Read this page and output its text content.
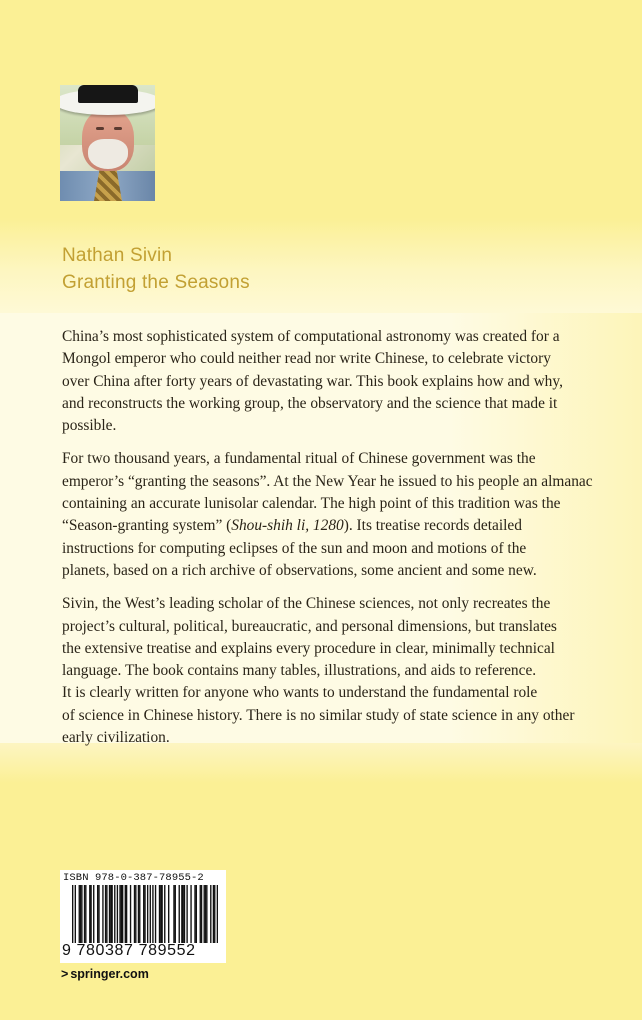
Nathan Sivin
Granting the Seasons

China’s most sophisticated system of computational astronomy was created for a
Mongol emperor who could neither read nor write Chinese, to celebrate victory
over China after forty years of devastating war. This book explains how and why,
and reconstructs the working group, the observatory and the science that made it
possible.

For two thousand years, a fundamental ritual of Chinese government was the
emperor’s “granting the seasons”. At the New Year he issued to his people an almanac
containing an accurate lunisolar calendar. The high point of this tradition was the
“Season-granting system” (Shou-shih li, 1280). Its treatise records detailed
instructions for computing eclipses of the sun and moon and motions of the
planets, based on a rich archive of observations, some ancient and some new.

Sivin, the West’s leading scholar of the Chinese sciences, not only recreates the
project’s cultural, political, bureaucratic, and personal dimensions, but translates
the extensive treatise and explains every procedure in clear, minimally technical
language. The book contains many tables, illustrations, and aids to reference.
It is clearly written for anyone who wants to understand the fundamental role
of science in Chinese history. There is no similar study of state science in any other
early civilization.

ISBN 978-0-387-78955-2
9 780387 789552
> springer.com
